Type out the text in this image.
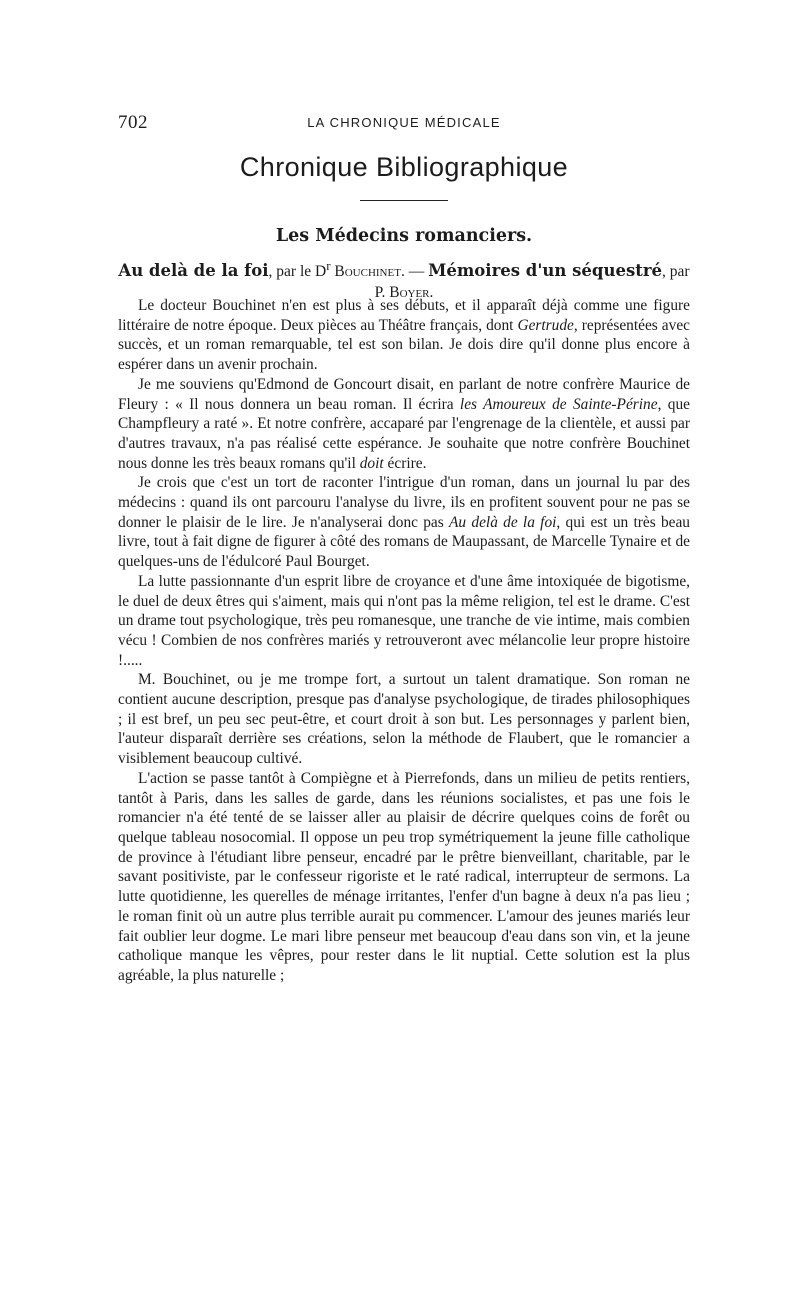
702	LA CHRONIQUE MÉDICALE
Chronique Bibliographique
Les Médecins romanciers.
Au delà de la foi, par le $D^r$ Bouchinet. — Mémoires d'un séquestré, par P. Boyer.

Le docteur Bouchinet n'en est plus à ses débuts, et il apparaît déjà comme une figure littéraire de notre époque. Deux pièces au Théâtre français, dont Gertrude, représentées avec succès, et un roman remarquable, tel est son bilan. Je dois dire qu'il donne plus encore à espérer dans un avenir prochain.

Je me souviens qu'Edmond de Goncourt disait, en parlant de notre confrère Maurice de Fleury : « Il nous donnera un beau roman. Il écrira les Amoureux de Sainte-Périne, que Champfleury a raté ». Et notre confrère, accaparé par l'engrenage de la clientèle, et aussi par d'autres travaux, n'a pas réalisé cette espérance. Je souhaite que notre confrère Bouchinet nous donne les très beaux romans qu'il doit écrire.

Je crois que c'est un tort de raconter l'intrigue d'un roman, dans un journal lu par des médecins : quand ils ont parcouru l'analyse du livre, ils en profitent souvent pour ne pas se donner le plaisir de le lire. Je n'analyserai donc pas Au delà de la foi, qui est un très beau livre, tout à fait digne de figurer à côté des romans de Maupassant, de Marcelle Tynaire et de quelques-uns de l'édulcoré Paul Bourget.

La lutte passionnante d'un esprit libre de croyance et d'une âme intoxiquée de bigotisme, le duel de deux êtres qui s'aiment, mais qui n'ont pas la même religion, tel est le drame. C'est un drame tout psychologique, très peu romanesque, une tranche de vie intime, mais combien vécu ! Combien de nos confrères mariés y retrouveront avec mélancolie leur propre histoire !.....

M. Bouchinet, ou je me trompe fort, a surtout un talent dramatique. Son roman ne contient aucune description, presque pas d'analyse psychologique, de tirades philosophiques ; il est bref, un peu sec peut-être, et court droit à son but. Les personnages y parlent bien, l'auteur disparaît derrière ses créations, selon la méthode de Flaubert, que le romancier a visiblement beaucoup cultivé.

L'action se passe tantôt à Compiègne et à Pierrefonds, dans un milieu de petits rentiers, tantôt à Paris, dans les salles de garde, dans les réunions socialistes, et pas une fois le romancier n'a été tenté de se laisser aller au plaisir de décrire quelques coins de forêt ou quelque tableau nosocomial. Il oppose un peu trop symétriquement la jeune fille catholique de province à l'étudiant libre penseur, encadré par le prêtre bienveillant, charitable, par le savant positiviste, par le confesseur rigoriste et le raté radical, interrupteur de sermons. La lutte quotidienne, les querelles de ménage irritantes, l'enfer d'un bagne à deux n'a pas lieu ; le roman finit où un autre plus terrible aurait pu commencer. L'amour des jeunes mariés leur fait oublier leur dogme. Le mari libre penseur met beaucoup d'eau dans son vin, et la jeune catholique manque les vêpres, pour rester dans le lit nuptial. Cette solution est la plus agréable, la plus naturelle ;
